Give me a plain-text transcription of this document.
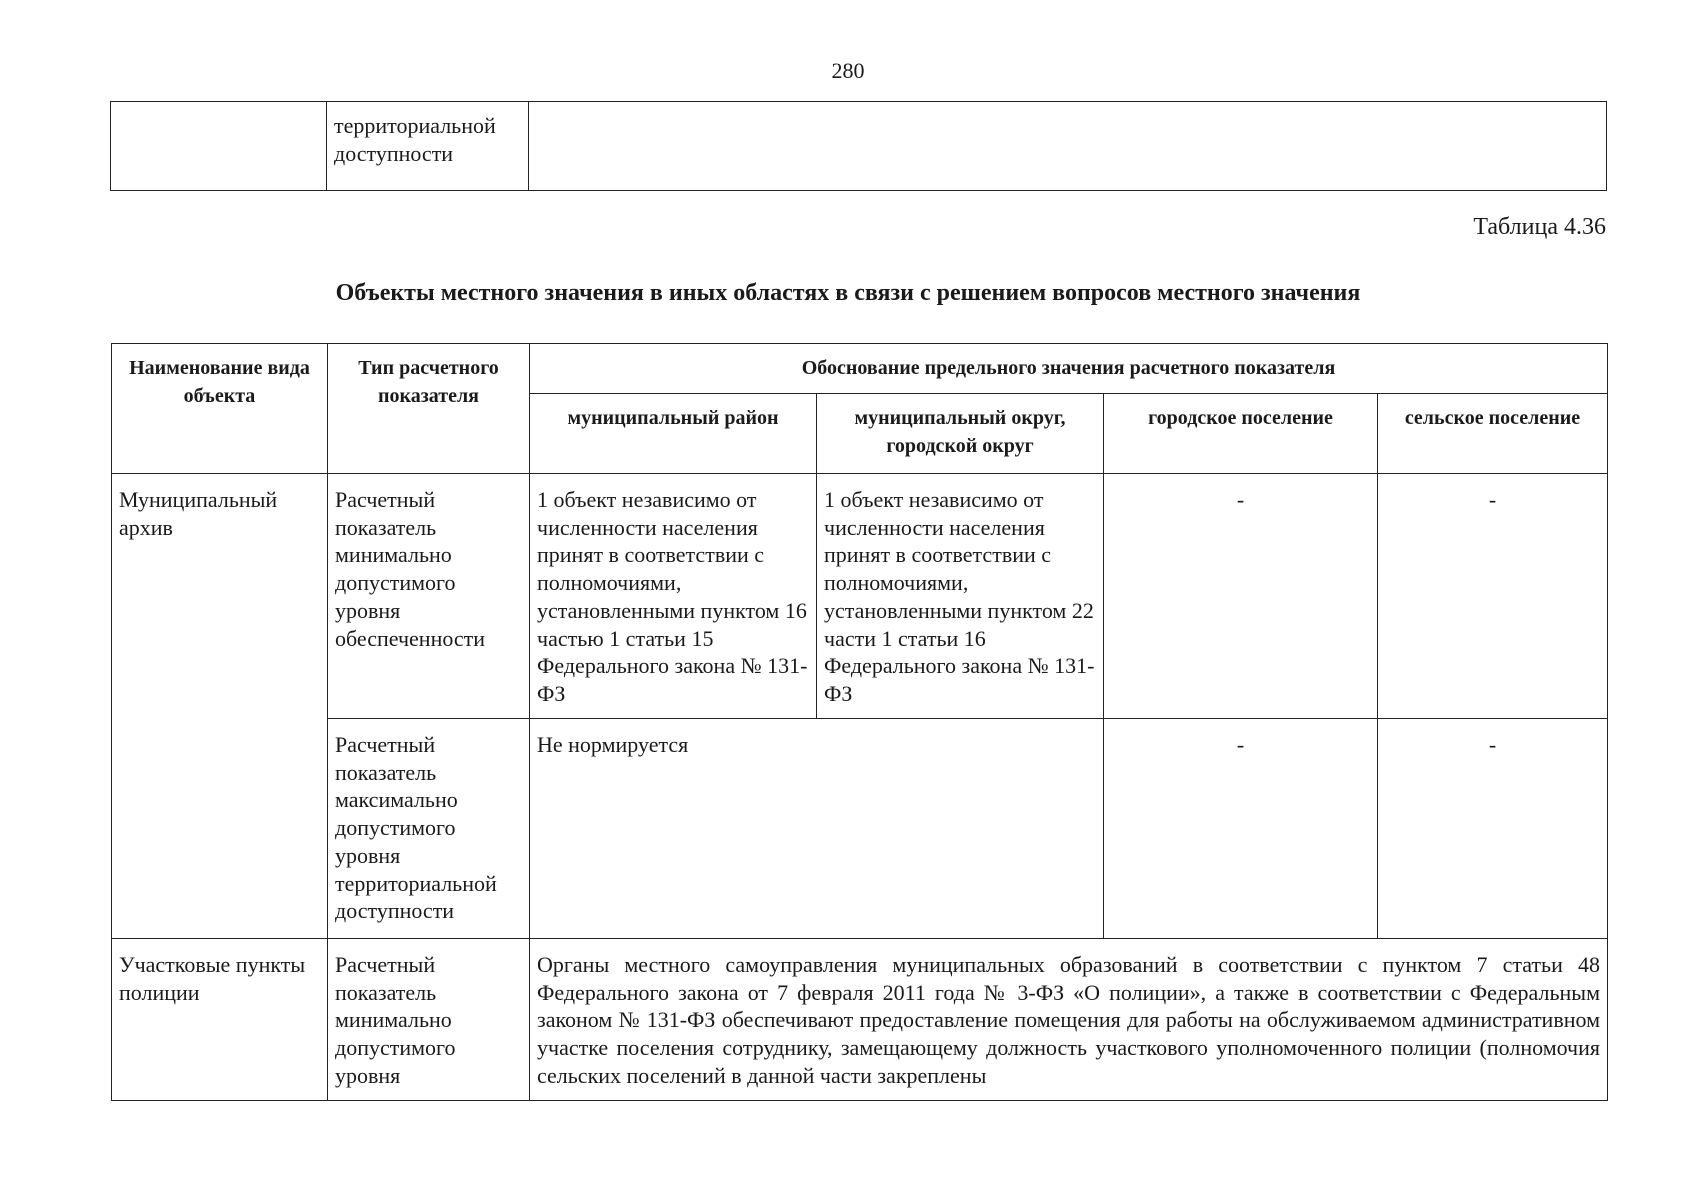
280
	территориальной доступности	
Таблица 4.36
Объекты местного значения в иных областях в связи с решением вопросов местного значения
Наименование вида объекта	Тип расчетного показателя	Обоснование предельного значения расчетного показателя			
		муниципальный район	муниципальный округ, городской округ	городское поселение	сельское поселение
Муниципальный архив	Расчетный показатель минимально допустимого уровня обеспеченности	1 объект независимо от численности населения принят в соответствии с полномочиями, установленными пунктом 16 частью 1 статьи 15 Федерального закона № 131-ФЗ	1 объект независимо от численности населения принят в соответствии с полномочиями, установленными пунктом 22 части 1 статьи 16 Федерального закона № 131-ФЗ	-	-
	Расчетный показатель максимально допустимого уровня территориальной доступности	Не нормируется		-	-
Участковые пункты полиции	Расчетный показатель минимально допустимого уровня	Органы местного самоуправления муниципальных образований в соответствии с пунктом 7 статьи 48 Федерального закона от 7 февраля 2011 года № 3-ФЗ «О полиции», а также в соответствии с Федеральным законом № 131-ФЗ обеспечивают предоставление помещения для работы на обслуживаемом административном участке поселения сотруднику, замещающему должность участкового уполномоченного полиции (полномочия сельских поселений в данной части закреплены			
